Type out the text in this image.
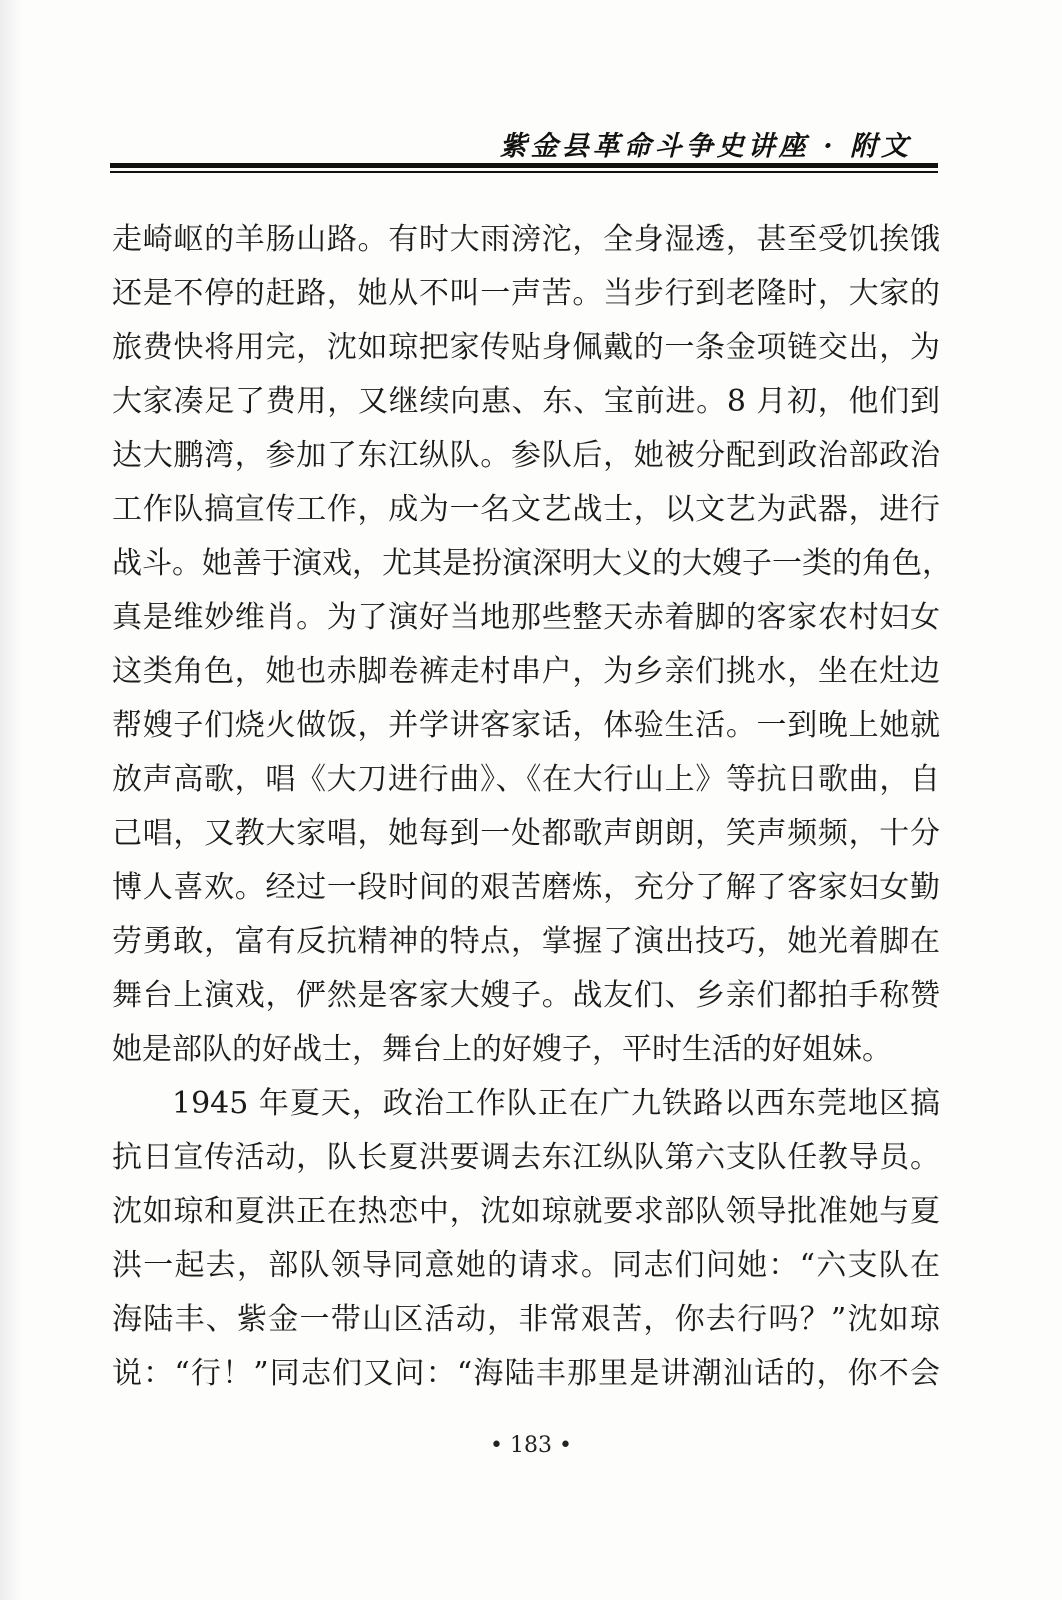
紫金县革命斗争史讲座 · 附文
走崎岖的羊肠山路。有时大雨滂沱，全身湿透，甚至受饥挨饿
还是不停的赶路，她从不叫一声苦。当步行到老隆时，大家的
旅费快将用完，沈如琼把家传贴身佩戴的一条金项链交出，为
大家凑足了费用，又继续向惠、东、宝前进。8 月初，他们到
达大鹏湾，参加了东江纵队。参队后，她被分配到政治部政治
工作队搞宣传工作，成为一名文艺战士，以文艺为武器，进行
战斗。她善于演戏，尤其是扮演深明大义的大嫂子一类的角色，
真是维妙维肖。为了演好当地那些整天赤着脚的客家农村妇女
这类角色，她也赤脚卷裤走村串户，为乡亲们挑水，坐在灶边
帮嫂子们烧火做饭，并学讲客家话，体验生活。一到晚上她就
放声高歌，唱《大刀进行曲》、《在大行山上》等抗日歌曲，自
己唱，又教大家唱，她每到一处都歌声朗朗，笑声频频，十分
博人喜欢。经过一段时间的艰苦磨炼，充分了解了客家妇女勤
劳勇敢，富有反抗精神的特点，掌握了演出技巧，她光着脚在
舞台上演戏，俨然是客家大嫂子。战友们、乡亲们都拍手称赞
她是部队的好战士，舞台上的好嫂子，平时生活的好姐妹。
1945 年夏天，政治工作队正在广九铁路以西东莞地区搞
抗日宣传活动，队长夏洪要调去东江纵队第六支队任教导员。
沈如琼和夏洪正在热恋中，沈如琼就要求部队领导批准她与夏
洪一起去，部队领导同意她的请求。同志们问她：“六支队在
海陆丰、紫金一带山区活动，非常艰苦，你去行吗？”沈如琼
说：“行！”同志们又问：“海陆丰那里是讲潮汕话的，你不会
• 183 •
